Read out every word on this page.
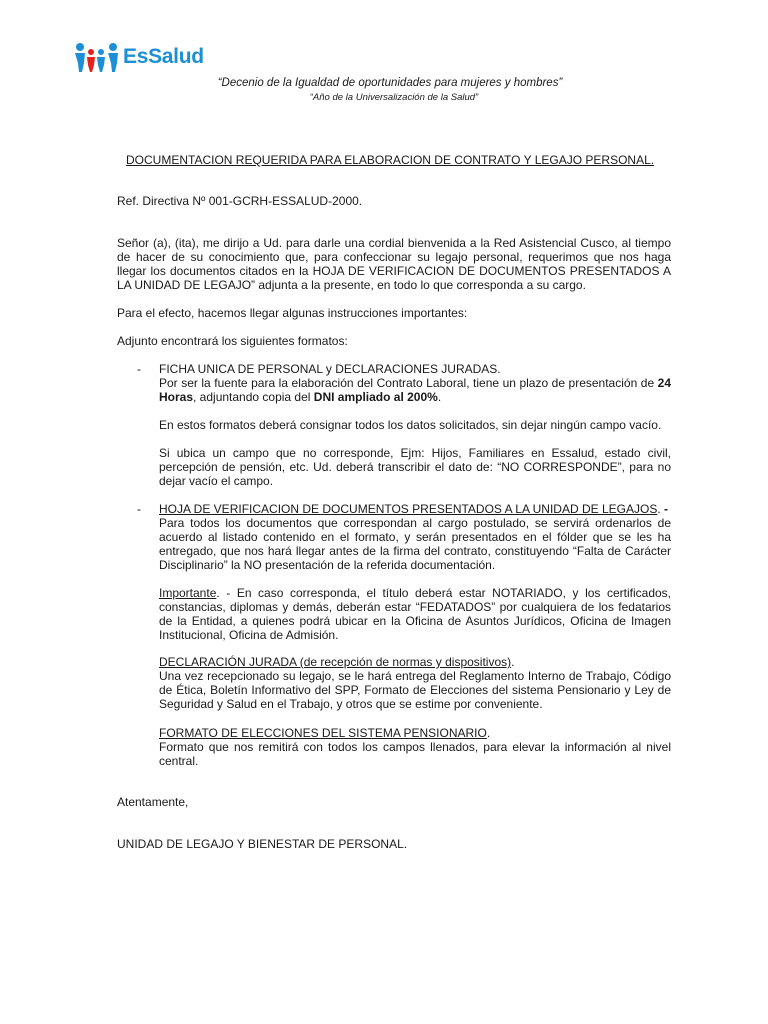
EsSalud
“Decenio de la Igualdad de oportunidades para mujeres y hombres”
“Año de la Universalización de la Salud”
DOCUMENTACION REQUERIDA PARA ELABORACION DE CONTRATO Y LEGAJO PERSONAL.
Ref. Directiva Nº 001-GCRH-ESSALUD-2000.
Señor (a), (ita), me dirijo a Ud. para darle una cordial bienvenida a la Red Asistencial Cusco, al tiempo de hacer de su conocimiento que, para confeccionar su legajo personal, requerimos que nos haga llegar los documentos citados en la HOJA DE VERIFICACION DE DOCUMENTOS PRESENTADOS A LA UNIDAD DE LEGAJO” adjunta a la presente, en todo lo que corresponda a su cargo.
Para el efecto, hacemos llegar algunas instrucciones importantes:
Adjunto encontrará los siguientes formatos:
- FICHA UNICA DE PERSONAL y DECLARACIONES JURADAS.
Por ser la fuente para la elaboración del Contrato Laboral, tiene un plazo de presentación de 24 Horas, adjuntando copia del DNI ampliado al 200%.
En estos formatos deberá consignar todos los datos solicitados, sin dejar ningún campo vacío.
Si ubica un campo que no corresponde, Ejm: Hijos, Familiares en Essalud, estado civil, percepción de pensión, etc. Ud. deberá transcribir el dato de: “NO CORRESPONDE”, para no dejar vacío el campo.
- HOJA DE VERIFICACION DE DOCUMENTOS PRESENTADOS A LA UNIDAD DE LEGAJOS. -
Para todos los documentos que correspondan al cargo postulado, se servirá ordenarlos de acuerdo al listado contenido en el formato, y serán presentados en el fólder que se les ha entregado, que nos hará llegar antes de la firma del contrato, constituyendo “Falta de Carácter Disciplinario” la NO presentación de la referida documentación.
Importante. - En caso corresponda, el título deberá estar NOTARIADO, y los certificados, constancias, diplomas y demás, deberán estar “FEDATADOS” por cualquiera de los fedatarios de la Entidad, a quienes podrá ubicar en la Oficina de Asuntos Jurídicos, Oficina de Imagen Institucional, Oficina de Admisión.
DECLARACIÓN JURADA (de recepción de normas y dispositivos).
Una vez recepcionado su legajo, se le hará entrega del Reglamento Interno de Trabajo, Código de Ética, Boletín Informativo del SPP, Formato de Elecciones del sistema Pensionario y Ley de Seguridad y Salud en el Trabajo, y otros que se estime por conveniente.
FORMATO DE ELECCIONES DEL SISTEMA PENSIONARIO.
Formato que nos remitirá con todos los campos llenados, para elevar la información al nivel central.
Atentamente,
UNIDAD DE LEGAJO Y BIENESTAR DE PERSONAL.
